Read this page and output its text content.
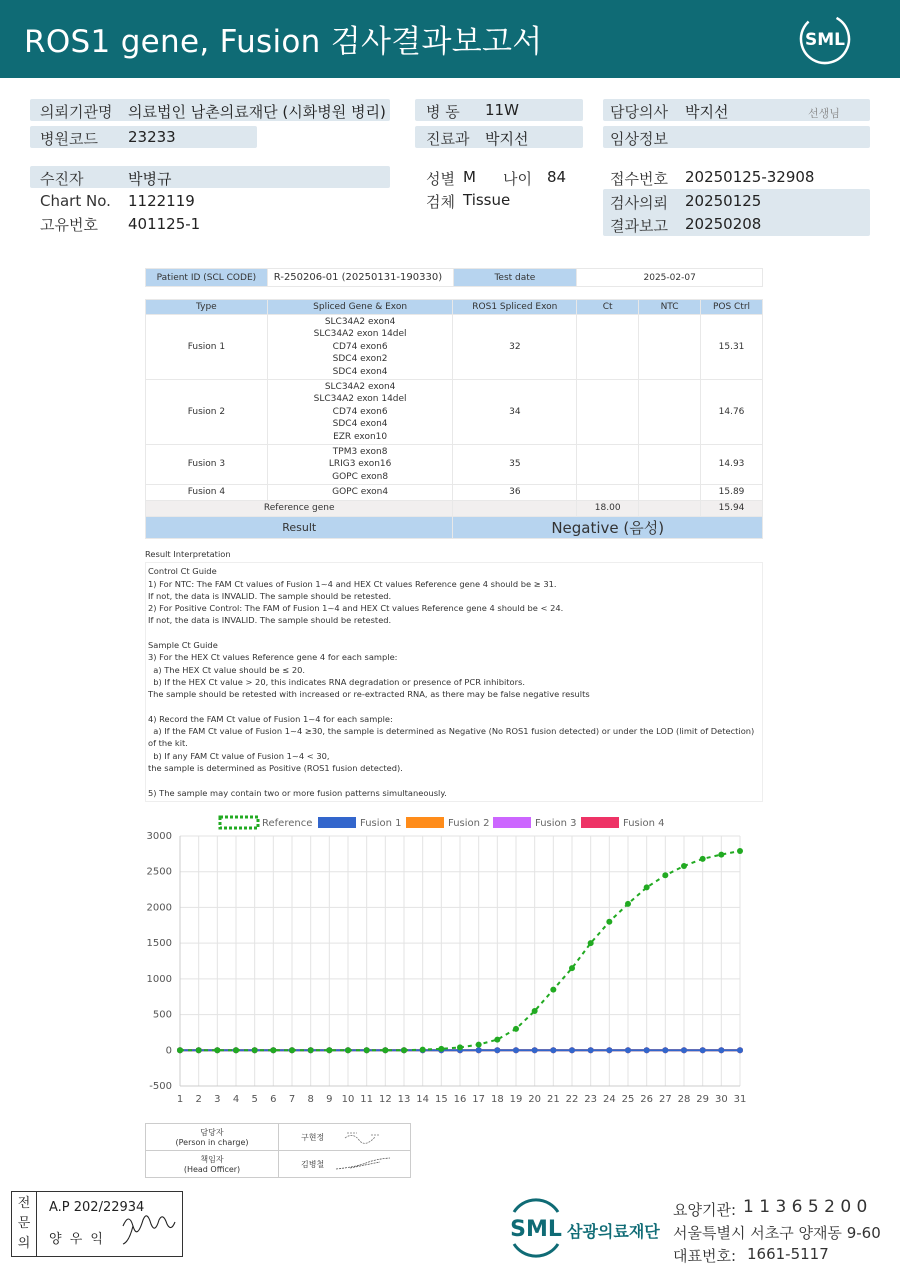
ROS1 gene, Fusion 검사결과보고서	SML
의뢰기관명 의료법인 남촌의료재단 (시화병원 병리)	병 동 11W	담당의사 박지선	선생님
병원코드 23233	진료과 박지선	임상정보
수진자	박병규	성별 M 나이 84	접수번호 20250125-32908
Chart No. 1122119	검체 Tissue	검사의뢰 20250125
고유번호 401125-1	결과보고 20250208
Patient ID (SCL CODE)	R-250206-01 (20250131-190330)	Test date	2025-02-07
Type	Spliced Gene & Exon	ROS1 Spliced Exon	Ct	NTC	POS Ctrl
Fusion 1	SLC34A2 exon4
SLC34A2 exon 14del
CD74 exon6
SDC4 exon2
SDC4 exon4	32			15.31
Fusion 2	SLC34A2 exon4
SLC34A2 exon 14del
CD74 exon6
SDC4 exon4
EZR exon10	34			14.76
Fusion 3	TPM3 exon8
LRIG3 exon16
GOPC exon8	35			14.93
Fusion 4	GOPC exon4	36			15.89
Reference gene			18.00		15.94
Result		Negative (음성)			
Result Interpretation
Control Ct Guide
1) For NTC: The FAM Ct values of Fusion 1~4 and HEX Ct values Reference gene 4 should be ≥ 31.
If not, the data is INVALID. The sample should be retested.
2) For Positive Control: The FAM of Fusion 1~4 and HEX Ct values Reference gene 4 should be < 24.
If not, the data is INVALID. The sample should be retested.
Sample Ct Guide
3) For the HEX Ct values Reference gene 4 for each sample:
a) The HEX Ct value should be ≤ 20.
b) If the HEX Ct value > 20, this indicates RNA degradation or presence of PCR inhibitors.
The sample should be retested with increased or re-extracted RNA, as there may be false negative results
4) Record the FAM Ct value of Fusion 1~4 for each sample:
a) If the FAM Ct value of Fusion 1~4 ≥30, the sample is determined as Negative (No ROS1 fusion detected) or under the LOD (limit of Detection) of the kit.
b) If any FAM Ct value of Fusion 1~4 < 30,
the sample is determined as Positive (ROS1 fusion detected).
5) The sample may contain two or more fusion patterns simultaneously.
-500
0
500
1000
1500
2000
2500
3000
1 2 3 4 5 6 7 8 9 10 11 12 13 14 15 16 17 18 19 20 21 22 23 24 25 26 27 28 29 30 31
Reference	Fusion 1	Fusion 2	Fusion 3	Fusion 4
담당자
(Person in charge)	구현정

책임자
(Head Officer)	김병철
전
문
의
A.P 202/22934
양 우 익	SML 삼광의료재단
요양기관: 1 1 3 6 5 2 0 0
서울특별시 서초구 양재동 9-60
대표번호: 1661-5117
